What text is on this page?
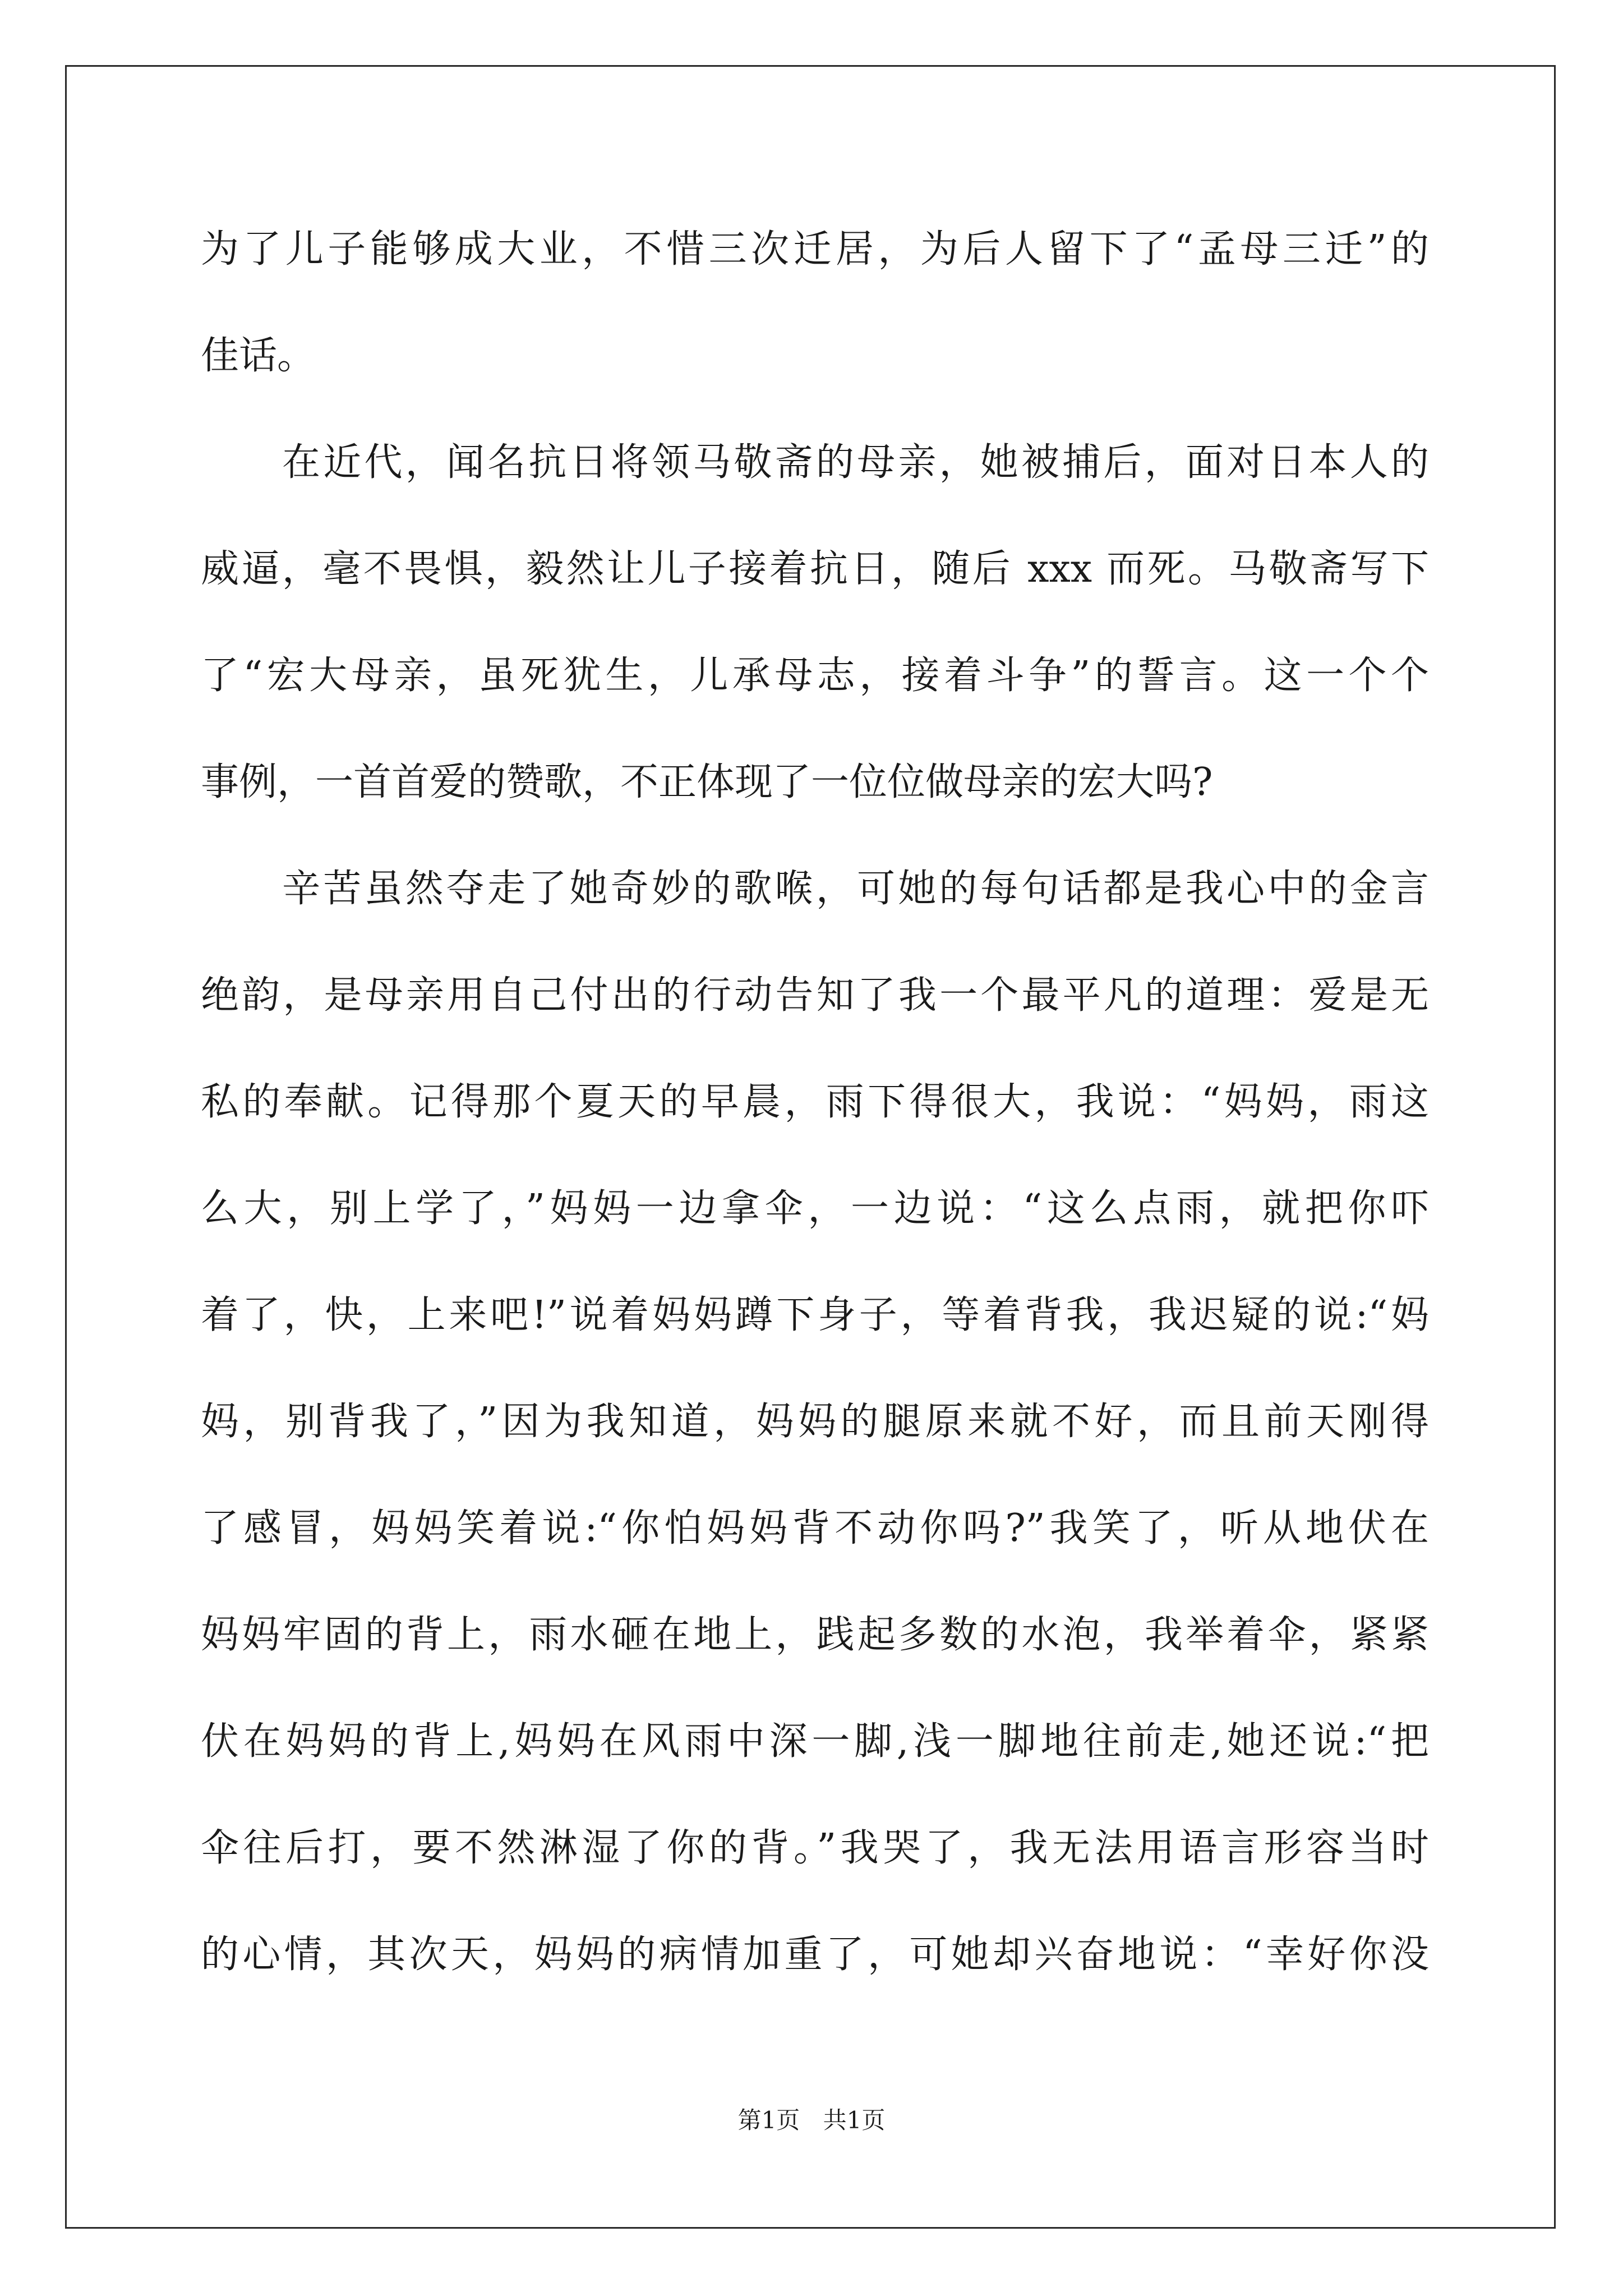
为了儿子能够成大业，不惜三次迁居，为后人留下了“孟母三迁”的
佳话。
在近代，闻名抗日将领马敬斋的母亲，她被捕后，面对日本人的
威逼，毫不畏惧，毅然让儿子接着抗日，随后 xxx 而死。马敬斋写下
了“宏大母亲，虽死犹生，儿承母志，接着斗争”的誓言。这一个个
事例，一首首爱的赞歌，不正体现了一位位做母亲的宏大吗?
辛苦虽然夺走了她奇妙的歌喉，可她的每句话都是我心中的金言
绝韵，是母亲用自己付出的行动告知了我一个最平凡的道理：爱是无
私的奉献。记得那个夏天的早晨，雨下得很大，我说：“妈妈，雨这
么大，别上学了，”妈妈一边拿伞，一边说：“这么点雨，就把你吓
着了，快，上来吧!”说着妈妈蹲下身子，等着背我，我迟疑的说:“妈
妈，别背我了，”因为我知道，妈妈的腿原来就不好，而且前天刚得
了感冒，妈妈笑着说:“你怕妈妈背不动你吗?”我笑了，听从地伏在
妈妈牢固的背上，雨水砸在地上，践起多数的水泡，我举着伞，紧紧
伏在妈妈的背上,妈妈在风雨中深一脚,浅一脚地往前走,她还说:“把
伞往后打，要不然淋湿了你的背。”我哭了，我无法用语言形容当时
的心情，其次天，妈妈的病情加重了，可她却兴奋地说：“幸好你没
第1页 共1页
